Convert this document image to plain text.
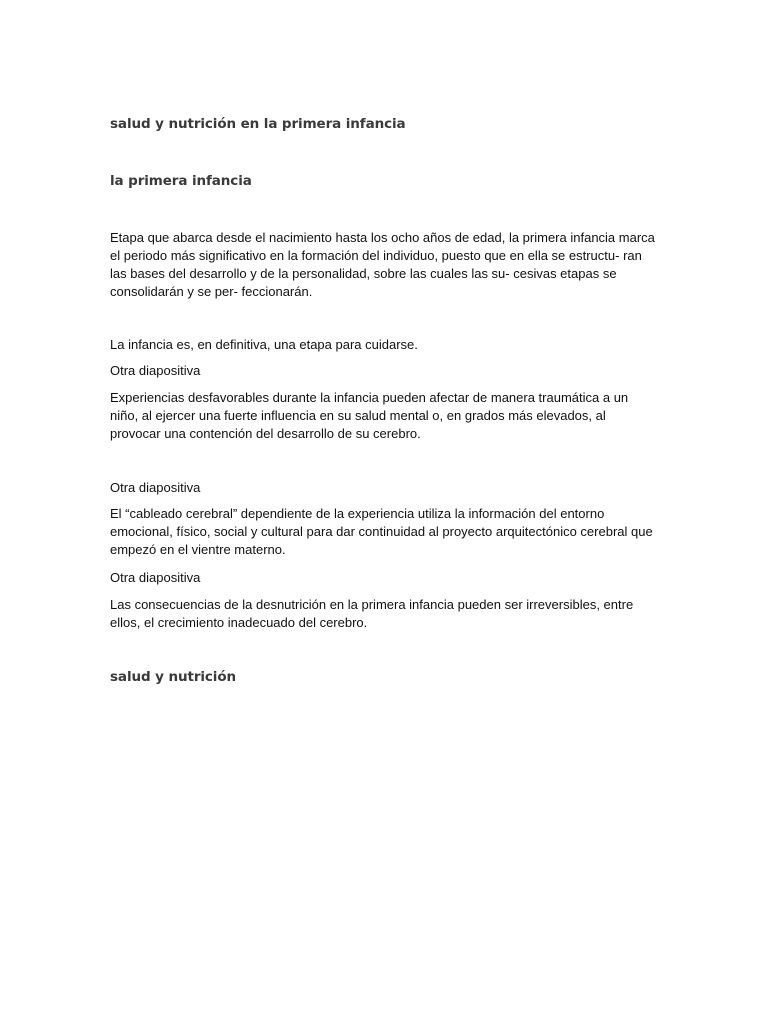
salud y nutrición en la primera infancia
la primera infancia

Etapa que abarca desde el nacimiento hasta los ocho años de edad, la primera infancia marca el periodo más significativo en la formación del individuo, puesto que en ella se estructu- ran las bases del desarrollo y de la personalidad, sobre las cuales las su- cesivas etapas se consolidarán y se per- feccionarán.

La infancia es, en definitiva, una etapa para cuidarse.

Otra diapositiva

Experiencias desfavorables durante la infancia pueden afectar de manera traumática a un niño, al ejercer una fuerte influencia en su salud mental o, en grados más elevados, al provocar una contención del desarrollo de su cerebro.

Otra diapositiva

El “cableado cerebral” dependiente de la experiencia utiliza la información del entorno emocional, físico, social y cultural para dar continuidad al proyecto arquitectónico cerebral que empezó en el vientre materno.

Otra diapositiva

Las consecuencias de la desnutrición en la primera infancia pueden ser irreversibles, entre ellos, el crecimiento inadecuado del cerebro.

salud y nutrición
